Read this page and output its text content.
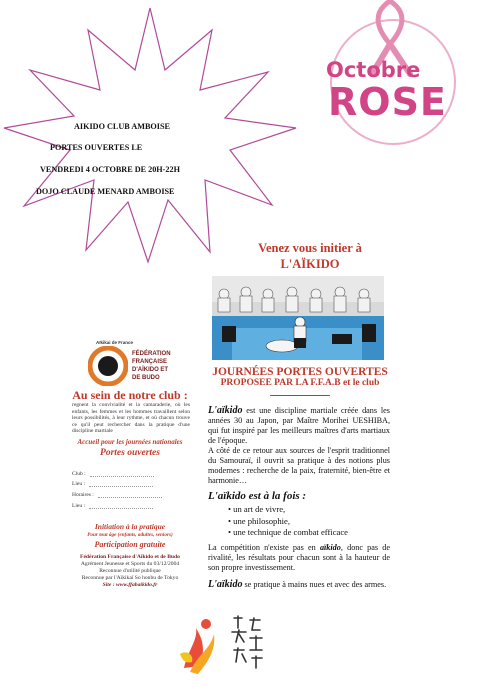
AIKIDO CLUB AMBOISE
PORTES OUVERTES LE
VENDREDI 4 OCTOBRE DE 20H-22H
DOJO CLAUDE MENARD AMBOISE
Octobre
ROSE
Venez vous initier à
L'AÏKIDO
JOURNÉES PORTES OUVERTES
PROPOSEE PAR LA F.F.A.B et le club
L'aïkido est une discipline martiale créée dans les années 30 au Japon, par Maître Morihei UESHIBA, qui fut inspiré par les meilleurs maîtres d'arts martiaux de l'époque.
A côté de ce retour aux sources de l'esprit traditionnel du Samouraï, il ouvrit sa pratique à des notions plus modernes : recherche de la paix, fraternité, bien-être et harmonie…
L'aïkido est à la fois :
• un art de vivre,
• une philosophie,
• une technique de combat efficace
La compétition n'existe pas en aïkido, donc pas de rivalité, les résultats pour chacun sont à la hauteur de son propre investissement.
L'aïkido se pratique à mains nues et avec des armes.
Aïkikai de France
FÉDÉRATION
FRANÇAISE
D'AÏKIDO ET
DE BUDO
Au sein de notre club :
regnent la convivialité et la camaraderie, où les enfants, les femmes et les hommes travaillent selon leurs possibilités, à leur rythme, et où chacun trouve ce qu'il peut rechercher dans la pratique d'une discipline martiale
Accueil pour les journées nationales
Portes ouvertes
Club :
Lieu :
Horaires :
Lieu :
Initiation à la pratique
Pour tout âge (enfants, adultes, seniors)
Participation gratuite
Fédération Française d'Aïkido et de Budo
Agrément Jeunesse et Sports du 03/12/2004
Reconnue d'utilité publique
Reconnue par l'Aïkikaï So honbu de Tokyo
Site : www.ffabaikido.fr
